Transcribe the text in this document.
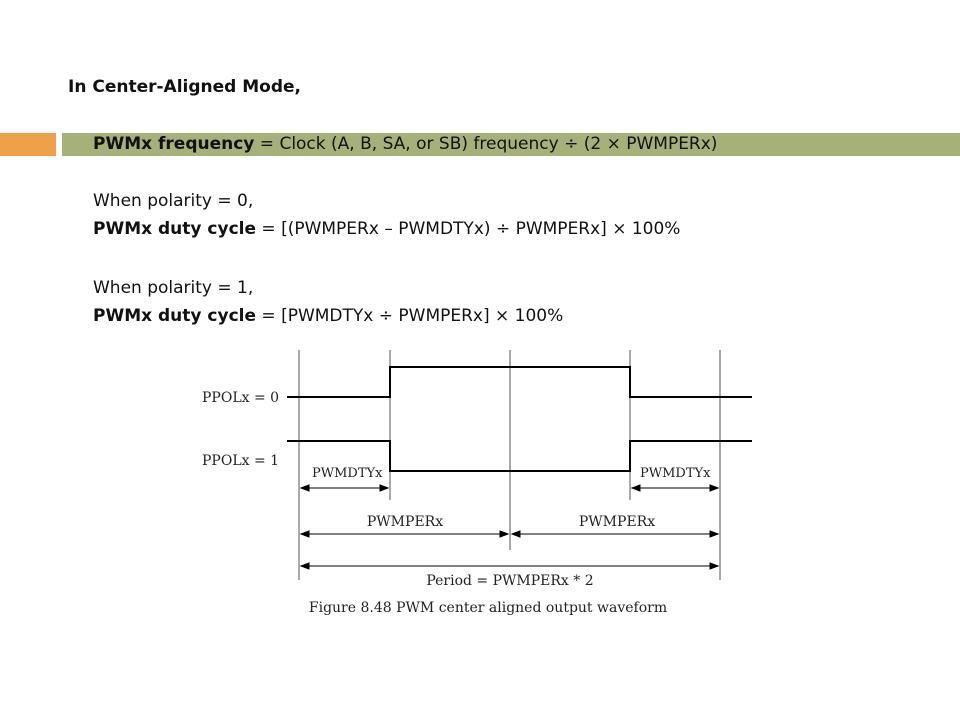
In Center-Aligned Mode,

PWMx frequency = Clock (A, B, SA, or SB) frequency ÷ (2 × PWMPERx)

When polarity = 0,

PWMx duty cycle = [(PWMPERx – PWMDTYx) ÷ PWMPERx] × 100%

When polarity = 1,

PWMx duty cycle = [PWMDTYx ÷ PWMPERx] × 100%

PPOLx = 0
PPOLx = 1
PWMDTYx	PWMDTYx
PWMPERx	PWMPERx
Period = PWMPERx * 2
Figure 8.48 PWM center aligned output waveform
